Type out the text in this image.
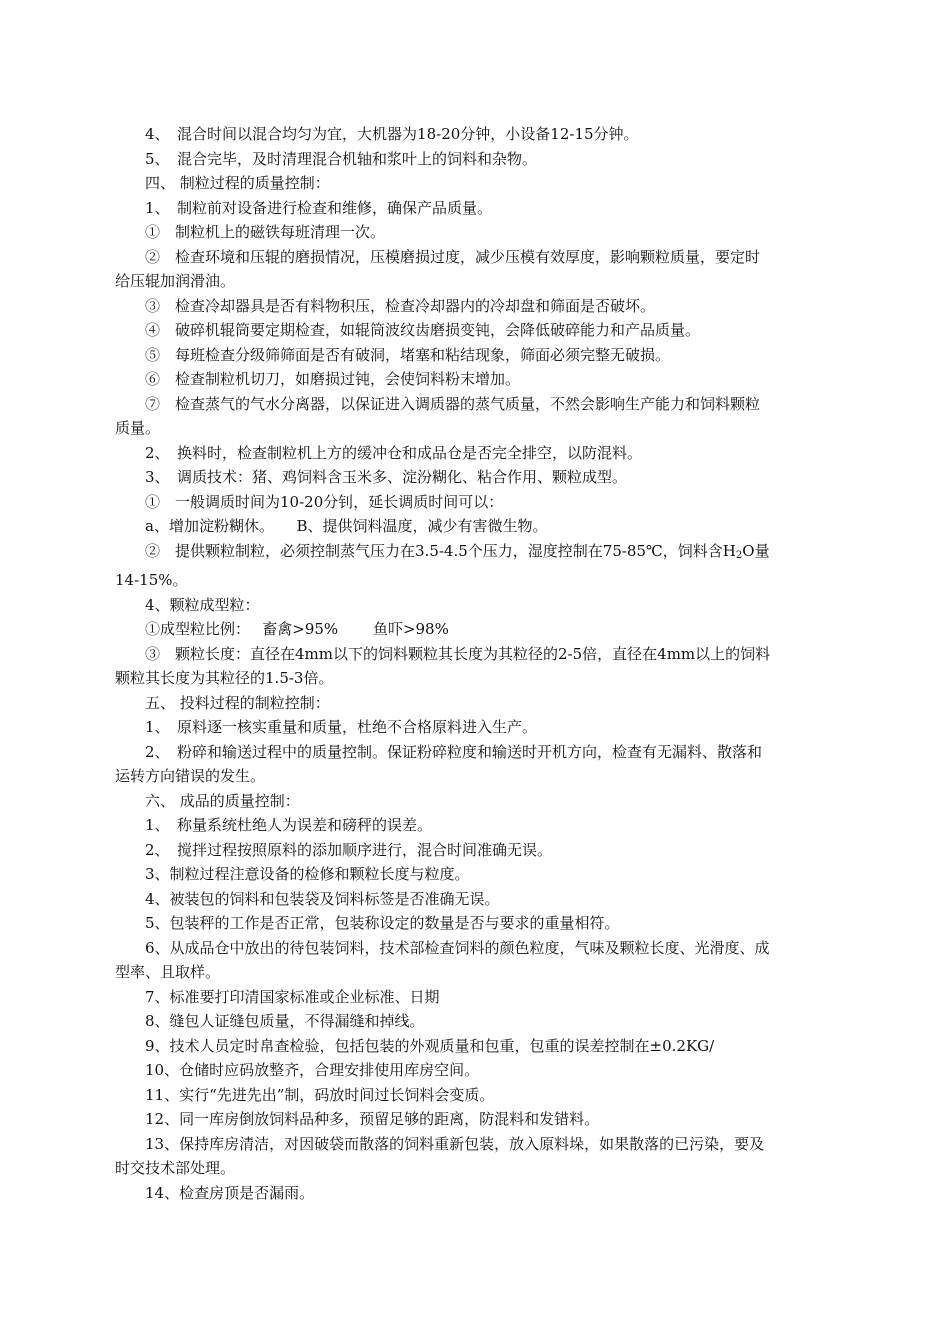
4、　混合时间以混合均匀为宜，大机器为18-20分钟，小设备12-15分钟。
5、　混合完毕，及时清理混合机轴和浆叶上的饲料和杂物。
四、 制粒过程的质量控制：
1、　制粒前对设备进行检查和维修，确保产品质量。
①　制粒机上的磁铁每班清理一次。
②　检查环境和压辊的磨损情况，压模磨损过度，减少压模有效厚度，影响颗粒质量，要定时
给压辊加润滑油。
③　检查冷却器具是否有料物积压，检查冷却器内的冷却盘和筛面是否破坏。
④　破碎机辊筒要定期检查，如辊筒波纹齿磨损变钝，会降低破碎能力和产品质量。
⑤　每班检查分级筛筛面是否有破洞，堵塞和粘结现象，筛面必须完整无破损。
⑥　检查制粒机切刀，如磨损过钝，会使饲料粉末增加。
⑦　检查蒸气的气水分离器，以保证进入调质器的蒸气质量，不然会影响生产能力和饲料颗粒
质量。
2、　换料时，检查制粒机上方的缓冲仓和成品仓是否完全排空，以防混料。
3、　调质技术：猪、鸡饲料含玉米多、淀汾糊化、粘合作用、颗粒成型。
①　一般调质时间为10-20分钊，延长调质时间可以：
a、增加淀粉糊休。　　B、提供饲料温度，减少有害微生物。
②　提供颗粒制粒，必须控制蒸气压力在3.5-4.5个压力，湿度控制在75-85℃，饲料含$H_2O$量
14-15%。
4、颗粒成型粒：
①成型粒比例：　 畜禽>95%　　 鱼吓>98%
③　颗粒长度：直径在4mm以下的饲料颗粒其长度为其粒径的2-5倍，直径在4mm以上的饲料
颗粒其长度为其粒径的1.5-3倍。
五、 投料过程的制粒控制：
1、　原料逐一核实重量和质量，杜绝不合格原料进入生产。
2、　粉碎和输送过程中的质量控制。保证粉碎粒度和输送时开机方向，检查有无漏料、散落和
运转方向错误的发生。
六、 成品的质量控制：
1、　称量系统杜绝人为误差和磅秤的误差。
2、　搅拌过程按照原料的添加顺序进行，混合时间准确无误。
3、制粒过程注意设备的检修和颗粒长度与粒度。
4、被装包的饲料和包装袋及饲料标签是否准确无误。
5、包装秤的工作是否正常，包装称设定的数量是否与要求的重量相符。
6、从成品仓中放出的待包装饲料，技术部检查饲料的颜色粒度，气味及颗粒长度、光滑度、成
型率、且取样。
7、标准要打印清国家标准或企业标准、日期
8、缝包人证缝包质量，不得漏缝和掉线。
9、技术人员定时帛查检验，包括包装的外观质量和包重，包重的误差控制在±0.2KG/
10、仓储时应码放整齐，合理安排使用库房空间。
11、实行“先进先出”制，码放时间过长饲料会变质。
12、同一库房倒放饲料品种多，预留足够的距离，防混料和发错料。
13、保持库房清洁，对因破袋而散落的饲料重新包装，放入原料垛，如果散落的已污染，要及
时交技术部处理。
14、检查房顶是否漏雨。
